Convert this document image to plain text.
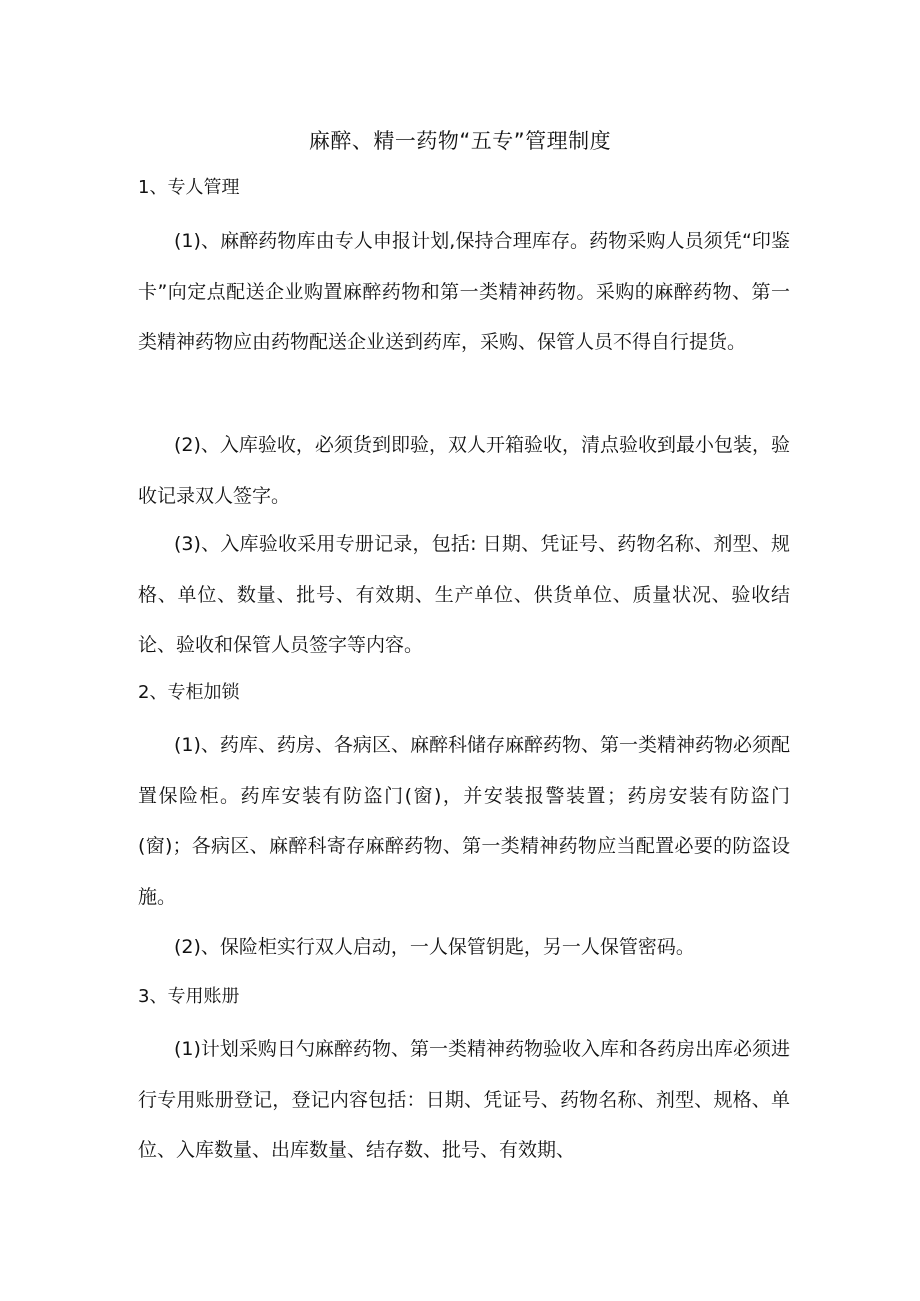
麻醉、精一药物“五专”管理制度
1、专人管理

(1)、麻醉药物库由专人申报计划,保持合理库存。药物采购人员须凭“印鉴卡”向定点配送企业购置麻醉药物和第一类精神药物。采购的麻醉药物、第一类精神药物应由药物配送企业送到药库，采购、保管人员不得自行提货。

(2)、入库验收，必须货到即验，双人开箱验收，清点验收到最小包装，验收记录双人签字。

(3)、入库验收采用专册记录，包括: 日期、凭证号、药物名称、剂型、规格、单位、数量、批号、有效期、生产单位、供货单位、质量状况、验收结论、验收和保管人员签字等内容。

2、专柜加锁

(1)、药库、药房、各病区、麻醉科储存麻醉药物、第一类精神药物必须配置保险柜。药库安装有防盗门(窗)，并安装报警装置；药房安装有防盗门(窗)；各病区、麻醉科寄存麻醉药物、第一类精神药物应当配置必要的防盗设施。

(2)、保险柜实行双人启动，一人保管钥匙，另一人保管密码。

3、专用账册

(1)计划采购日勺麻醉药物、第一类精神药物验收入库和各药房出库必须进行专用账册登记，登记内容包括：日期、凭证号、药物名称、剂型、规格、单位、入库数量、出库数量、结存数、批号、有效期、
